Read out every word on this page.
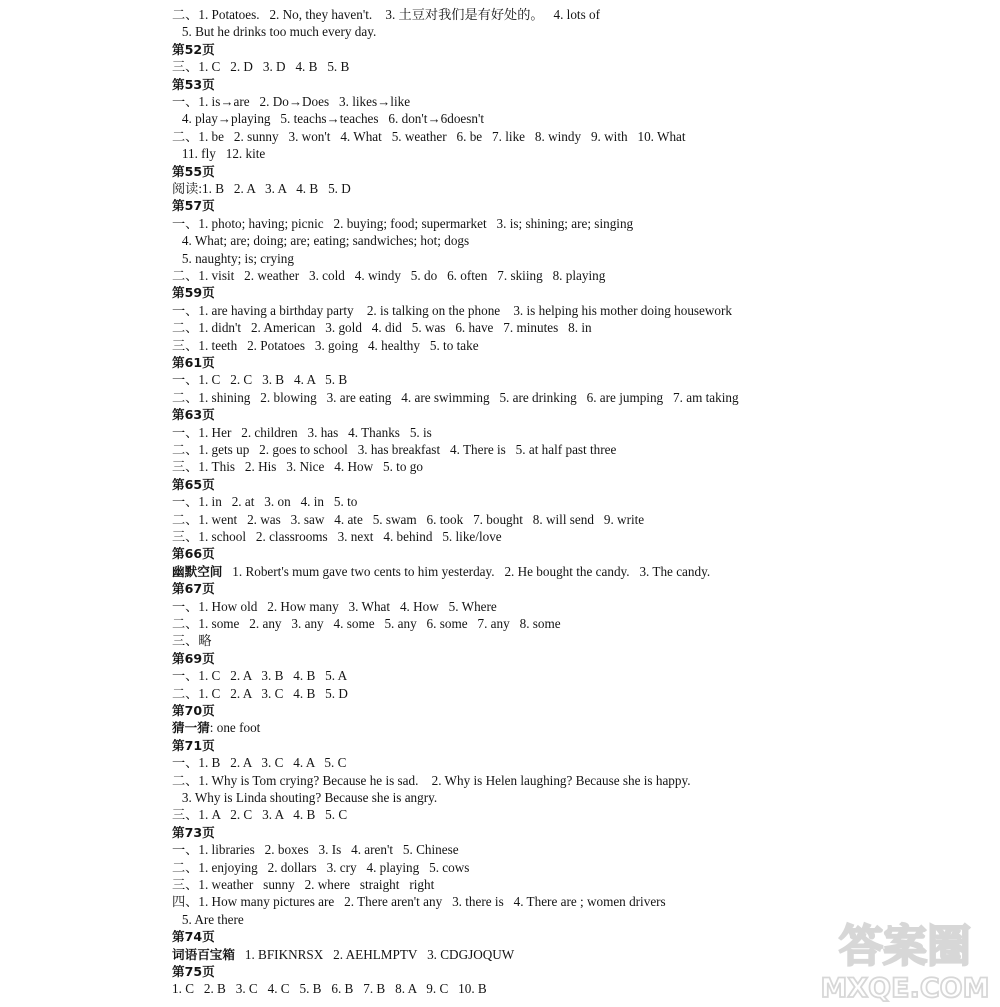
二、1. Potatoes.   2. No, they haven't.    3. 土豆对我们是有好处的。   4. lots of
5. But he drinks too much every day.
第52页
三、1. C   2. D   3. D   4. B   5. B
第53页
一、1. is→are   2. Do→Does   3. likes→like
4. play→playing   5. teachs→teaches   6. don't→6doesn't
二、1. be   2. sunny   3. won't   4. What   5. weather   6. be   7. like   8. windy   9. with   10. What
11. fly   12. kite
第55页
阅读:1. B   2. A   3. A   4. B   5. D
第57页
一、1. photo; having; picnic   2. buying; food; supermarket   3. is; shining; are; singing
4. What; are; doing; are; eating; sandwiches; hot; dogs
5. naughty; is; crying
二、1. visit   2. weather   3. cold   4. windy   5. do   6. often   7. skiing   8. playing
第59页
一、1. are having a birthday party    2. is talking on the phone    3. is helping his mother doing housework
二、1. didn't   2. American   3. gold   4. did   5. was   6. have   7. minutes   8. in
三、1. teeth   2. Potatoes   3. going   4. healthy   5. to take
第61页
一、1. C   2. C   3. B   4. A   5. B
二、1. shining   2. blowing   3. are eating   4. are swimming   5. are drinking   6. are jumping   7. am taking
第63页
一、1. Her   2. children   3. has   4. Thanks   5. is
二、1. gets up   2. goes to school   3. has breakfast   4. There is   5. at half past three
三、1. This   2. His   3. Nice   4. How   5. to go
第65页
一、1. in   2. at   3. on   4. in   5. to
二、1. went   2. was   3. saw   4. ate   5. swam   6. took   7. bought   8. will send   9. write
三、1. school   2. classrooms   3. next   4. behind   5. like/love
第66页
幽默空间   1. Robert's mum gave two cents to him yesterday.   2. He bought the candy.   3. The candy.
第67页
一、1. How old   2. How many   3. What   4. How   5. Where
二、1. some   2. any   3. any   4. some   5. any   6. some   7. any   8. some
三、略
第69页
一、1. C   2. A   3. B   4. B   5. A
二、1. C   2. A   3. C   4. B   5. D
第70页
猜一猜: one foot
第71页
一、1. B   2. A   3. C   4. A   5. C
二、1. Why is Tom crying? Because he is sad.    2. Why is Helen laughing? Because she is happy.
3. Why is Linda shouting? Because she is angry.
三、1. A   2. C   3. A   4. B   5. C
第73页
一、1. libraries   2. boxes   3. Is   4. aren't   5. Chinese
二、1. enjoying   2. dollars   3. cry   4. playing   5. cows
三、1. weather   sunny   2. where   straight   right
四、1. How many pictures are   2. There aren't any   3. there is   4. There are ; women drivers
5. Are there
第74页
词语百宝箱   1. BFIKNRSX   2. AEHLMPTV   3. CDGJOQUW
第75页
1. C   2. B   3. C   4. C   5. B   6. B   7. B   8. A   9. C   10. B
答案圈
MXQE.COM
